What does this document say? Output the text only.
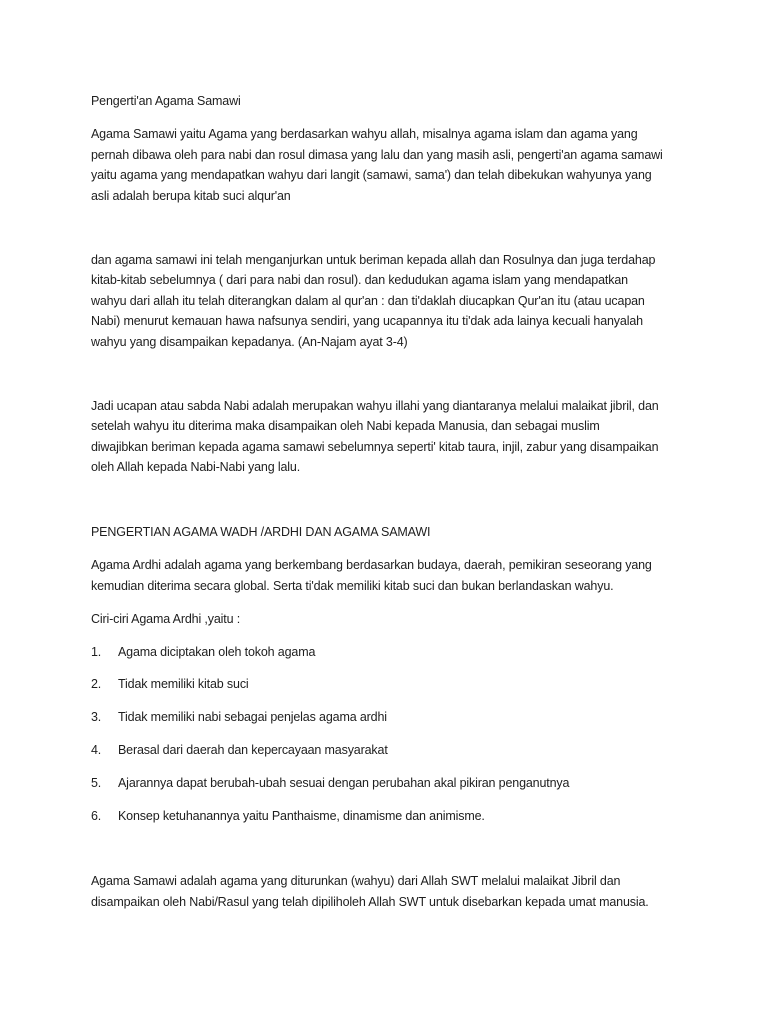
Pengerti'an Agama Samawi
Agama Samawi yaitu Agama yang berdasarkan wahyu allah, misalnya agama islam dan agama yang
pernah dibawa oleh para nabi dan rosul dimasa yang lalu dan yang masih asli, pengerti'an agama samawi
yaitu agama yang mendapatkan wahyu dari langit (samawi, sama') dan telah dibekukan wahyunya yang
asli adalah berupa kitab suci alqur'an
dan agama samawi ini telah menganjurkan untuk beriman kepada allah dan Rosulnya dan juga terdahap
kitab-kitab sebelumnya ( dari para nabi dan rosul). dan kedudukan agama islam yang mendapatkan
wahyu dari allah itu telah diterangkan dalam al qur'an : dan ti'daklah diucapkan Qur'an itu (atau ucapan
Nabi) menurut kemauan hawa nafsunya sendiri, yang ucapannya itu ti'dak ada lainya kecuali hanyalah
wahyu yang disampaikan kepadanya. (An-Najam ayat 3-4)
Jadi ucapan atau sabda Nabi adalah merupakan wahyu illahi yang diantaranya melalui malaikat jibril, dan
setelah wahyu itu diterima maka disampaikan oleh Nabi kepada Manusia, dan sebagai muslim
diwajibkan beriman kepada agama samawi sebelumnya seperti' kitab taura, injil, zabur yang disampaikan
oleh Allah kepada Nabi-Nabi yang lalu.
PENGERTIAN AGAMA WADH /ARDHI DAN AGAMA SAMAWI
Agama Ardhi adalah agama yang berkembang berdasarkan budaya, daerah, pemikiran seseorang yang
kemudian diterima secara global. Serta ti'dak memiliki kitab suci dan bukan berlandaskan wahyu.
Ciri-ciri Agama Ardhi ,yaitu :
1. Agama diciptakan oleh tokoh agama
2. Tidak memiliki kitab suci
3. Tidak memiliki nabi sebagai penjelas agama ardhi
4. Berasal dari daerah dan kepercayaan masyarakat
5. Ajarannya dapat berubah-ubah sesuai dengan perubahan akal pikiran penganutnya
6. Konsep ketuhanannya yaitu Panthaisme, dinamisme dan animisme.
Agama Samawi adalah agama yang diturunkan (wahyu) dari Allah SWT melalui malaikat Jibril dan
disampaikan oleh Nabi/Rasul yang telah dipiliholeh Allah SWT untuk disebarkan kepada umat manusia.
